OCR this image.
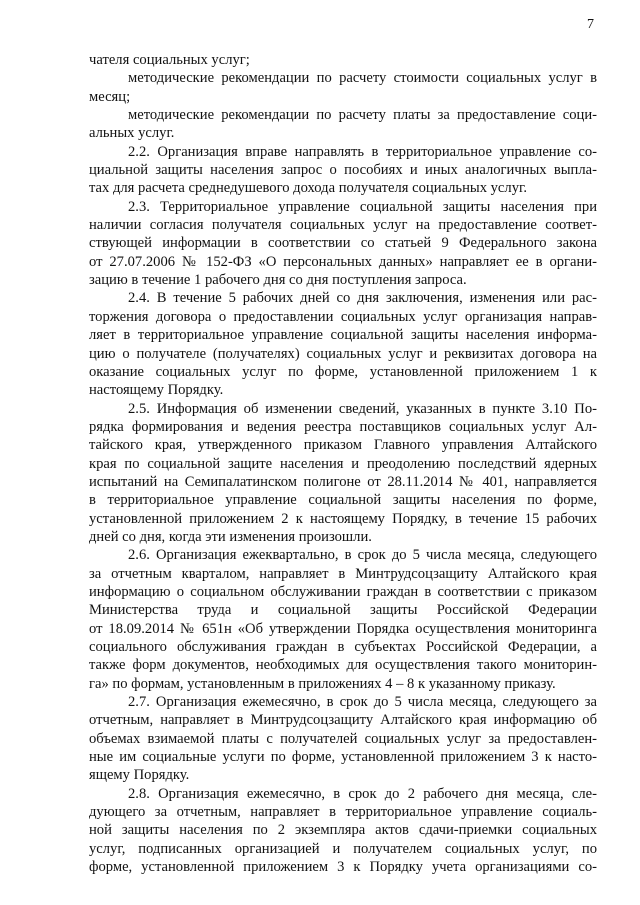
7
чателя социальных услуг;
методические рекомендации по расчету стоимости социальных услуг в
месяц;
методические рекомендации по расчету платы за предоставление соци-
альных услуг.
2.2. Организация вправе направлять в территориальное управление со-
циальной защиты населения запрос о пособиях и иных аналогичных выпла-
тах для расчета среднедушевого дохода получателя социальных услуг.
2.3. Территориальное управление социальной защиты населения при
наличии согласия получателя социальных услуг на предоставление соответ-
ствующей информации в соответствии со статьей 9 Федерального закона
от 27.07.2006 № 152-ФЗ «О персональных данных» направляет ее в органи-
зацию в течение 1 рабочего дня со дня поступления запроса.
2.4. В течение 5 рабочих дней со дня заключения, изменения или рас-
торжения договора о предоставлении социальных услуг организация направ-
ляет в территориальное управление социальной защиты населения информа-
цию о получателе (получателях) социальных услуг и реквизитах договора на
оказание социальных услуг по форме, установленной приложением 1 к
настоящему Порядку.
2.5. Информация об изменении сведений, указанных в пункте 3.10 По-
рядка формирования и ведения реестра поставщиков социальных услуг Ал-
тайского края, утвержденного приказом Главного управления Алтайского
края по социальной защите населения и преодолению последствий ядерных
испытаний на Семипалатинском полигоне от 28.11.2014 № 401, направляется
в территориальное управление социальной защиты населения по форме,
установленной приложением 2 к настоящему Порядку, в течение 15 рабочих
дней со дня, когда эти изменения произошли.
2.6. Организация ежеквартально, в срок до 5 числа месяца, следующего
за отчетным кварталом, направляет в Минтрудсоцзащиту Алтайского края
информацию о социальном обслуживании граждан в соответствии с приказом
Министерства труда и социальной защиты Российской Федерации
от 18.09.2014 № 651н «Об утверждении Порядка осуществления мониторинга
социального обслуживания граждан в субъектах Российской Федерации, а
также форм документов, необходимых для осуществления такого мониторин-
га» по формам, установленным в приложениях 4 – 8 к указанному приказу.
2.7. Организация ежемесячно, в срок до 5 числа месяца, следующего за
отчетным, направляет в Минтрудсоцзащиту Алтайского края информацию об
объемах взимаемой платы с получателей социальных услуг за предоставлен-
ные им социальные услуги по форме, установленной приложением 3 к насто-
ящему Порядку.
2.8. Организация ежемесячно, в срок до 2 рабочего дня месяца, сле-
дующего за отчетным, направляет в территориальное управление социаль-
ной защиты населения по 2 экземпляра актов сдачи-приемки социальных
услуг, подписанных организацией и получателем социальных услуг, по
форме, установленной приложением 3 к Порядку учета организациями со-
